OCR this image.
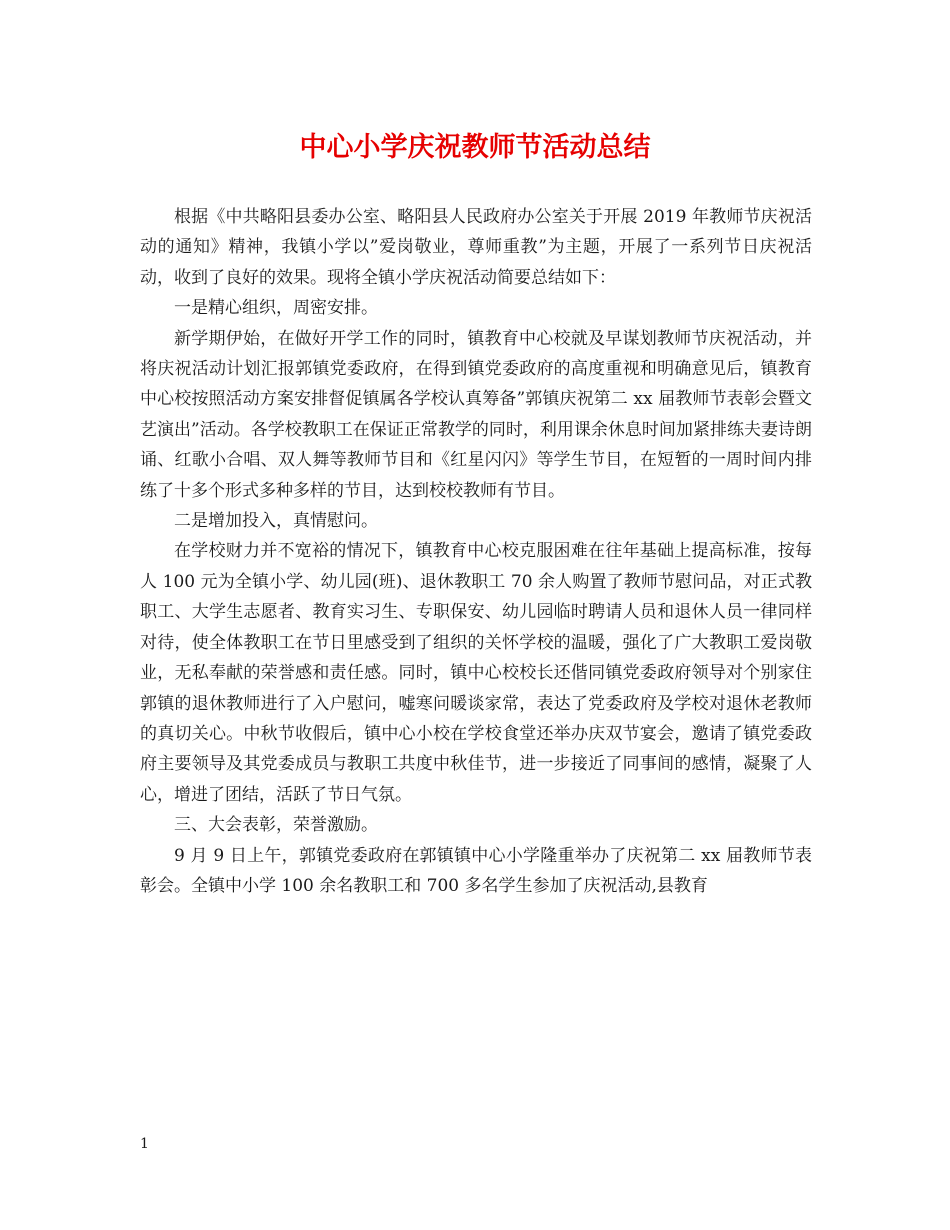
中心小学庆祝教师节活动总结

根据《中共略阳县委办公室、略阳县人民政府办公室关于开展 2019 年教师节庆祝活动的通知》精神，我镇小学以”爱岗敬业，尊师重教”为主题，开展了一系列节日庆祝活动，收到了良好的效果。现将全镇小学庆祝活动简要总结如下：

一是精心组织，周密安排。

新学期伊始，在做好开学工作的同时，镇教育中心校就及早谋划教师节庆祝活动，并将庆祝活动计划汇报郭镇党委政府，在得到镇党委政府的高度重视和明确意见后，镇教育中心校按照活动方案安排督促镇属各学校认真筹备”郭镇庆祝第二 xx 届教师节表彰会暨文艺演出”活动。各学校教职工在保证正常教学的同时，利用课余休息时间加紧排练夫妻诗朗诵、红歌小合唱、双人舞等教师节目和《红星闪闪》等学生节目，在短暂的一周时间内排练了十多个形式多种多样的节目，达到校校教师有节目。

二是增加投入，真情慰问。

在学校财力并不宽裕的情况下，镇教育中心校克服困难在往年基础上提高标准，按每人 100 元为全镇小学、幼儿园(班)、退休教职工 70 余人购置了教师节慰问品，对正式教职工、大学生志愿者、教育实习生、专职保安、幼儿园临时聘请人员和退休人员一律同样对待，使全体教职工在节日里感受到了组织的关怀学校的温暖，强化了广大教职工爱岗敬业，无私奉献的荣誉感和责任感。同时，镇中心校校长还偕同镇党委政府领导对个别家住 郭镇的退休教师进行了入户慰问，嘘寒问暖谈家常，表达了党委政府及学校对退休老教师的真切关心。中秋节收假后，镇中心小校在学校食堂还举办庆双节宴会，邀请了镇党委政府主要领导及其党委成员与教职工共度中秋佳节，进一步接近了同事间的感情，凝聚了人心，增进了团结，活跃了节日气氛。

三、大会表彰，荣誉激励。

9 月 9 日上午，郭镇党委政府在郭镇镇中心小学隆重举办了庆祝第二 xx 届教师节表彰会。全镇中小学 100 余名教职工和 700 多名学生参加了庆祝活动,县教育

1
